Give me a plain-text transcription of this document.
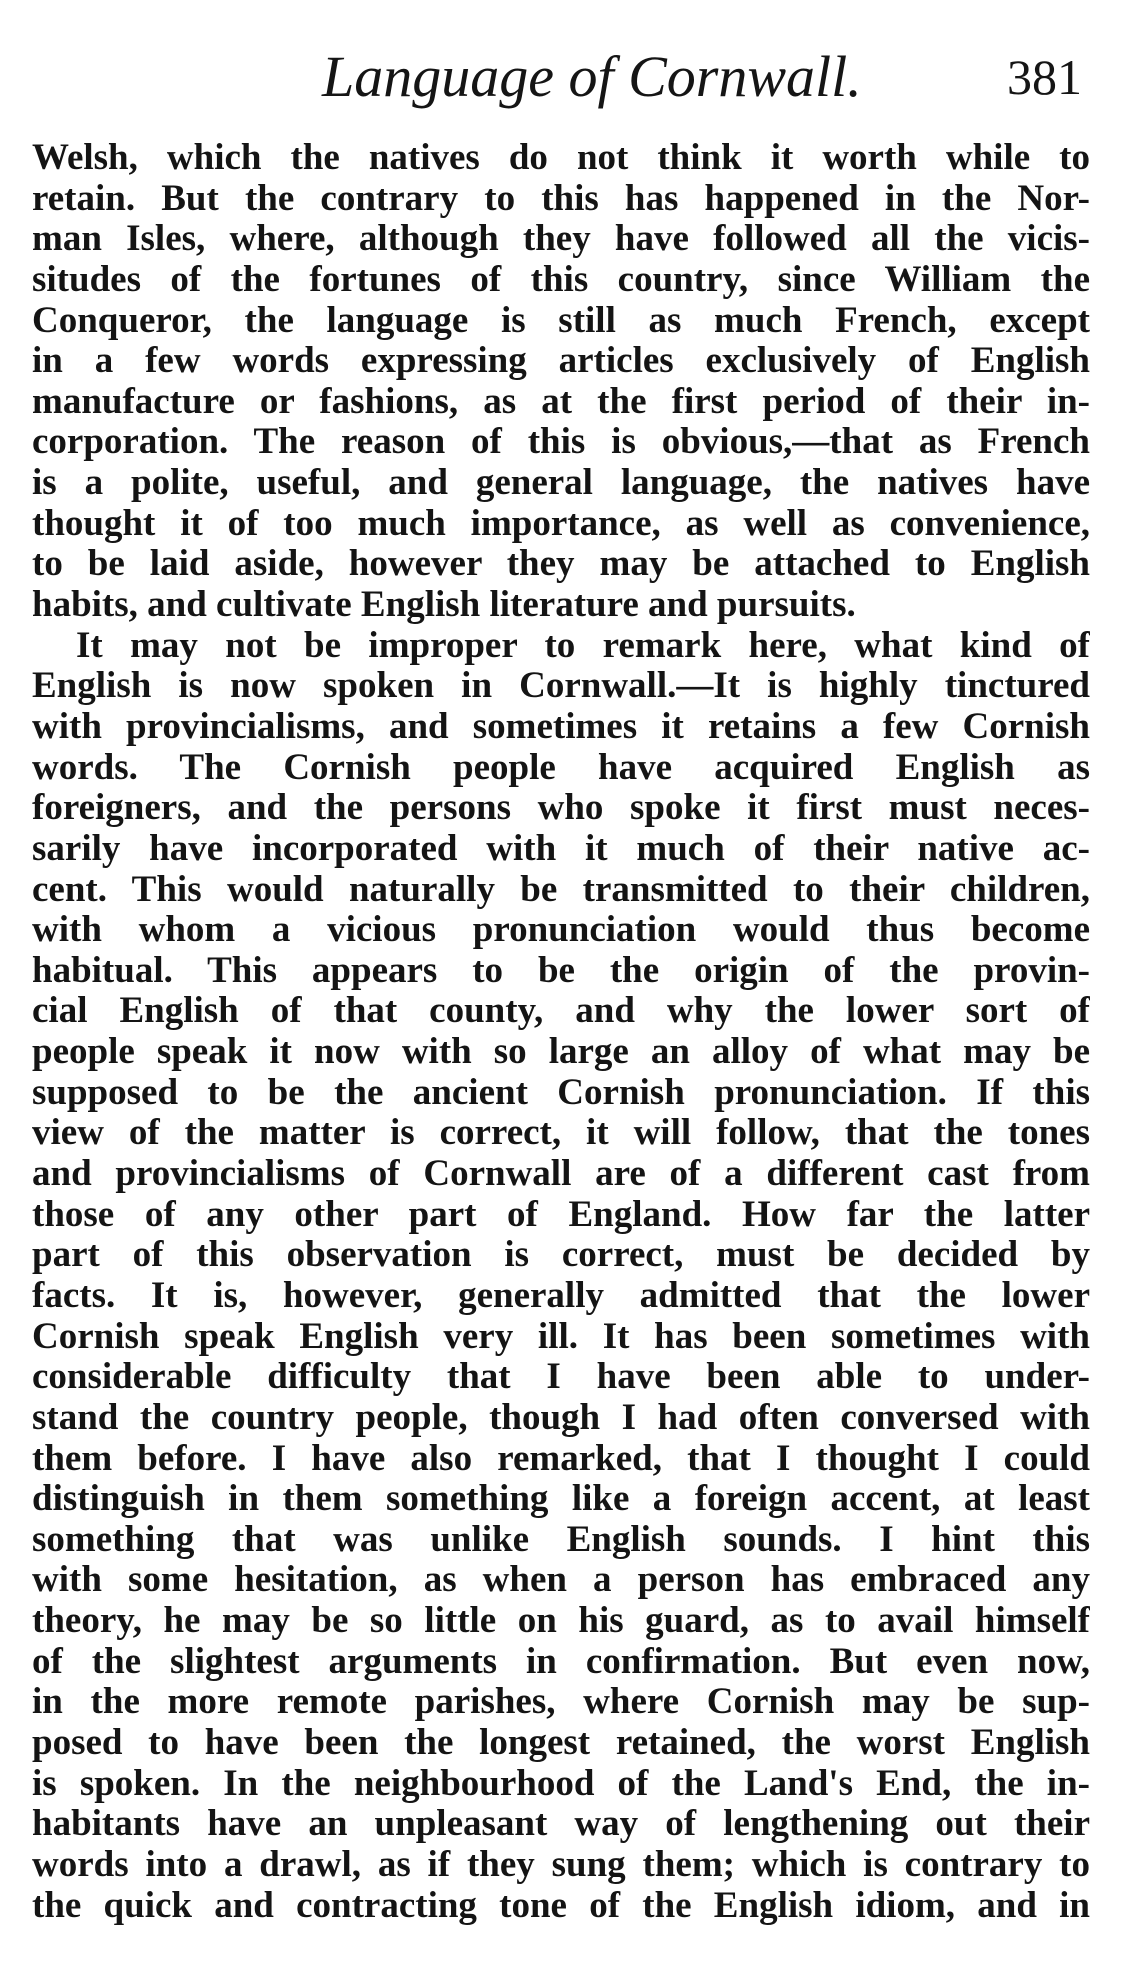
Language of Cornwall.	381
Welsh, which the natives do not think it worth while to
retain. But the contrary to this has happened in the Nor-
man Isles, where, although they have followed all the vicis-
situdes of the fortunes of this country, since William the
Conqueror, the language is still as much French, except
in a few words expressing articles exclusively of English
manufacture or fashions, as at the first period of their in-
corporation. The reason of this is obvious,—that as French
is a polite, useful, and general language, the natives have
thought it of too much importance, as well as convenience,
to be laid aside, however they may be attached to English
habits, and cultivate English literature and pursuits.
It may not be improper to remark here, what kind of
English is now spoken in Cornwall.—It is highly tinctured
with provincialisms, and sometimes it retains a few Cornish
words. The Cornish people have acquired English as
foreigners, and the persons who spoke it first must neces-
sarily have incorporated with it much of their native ac-
cent. This would naturally be transmitted to their children,
with whom a vicious pronunciation would thus become
habitual. This appears to be the origin of the provin-
cial English of that county, and why the lower sort of
people speak it now with so large an alloy of what may be
supposed to be the ancient Cornish pronunciation. If this
view of the matter is correct, it will follow, that the tones
and provincialisms of Cornwall are of a different cast from
those of any other part of England. How far the latter
part of this observation is correct, must be decided by
facts. It is, however, generally admitted that the lower
Cornish speak English very ill. It has been sometimes with
considerable difficulty that I have been able to under-
stand the country people, though I had often conversed with
them before. I have also remarked, that I thought I could
distinguish in them something like a foreign accent, at least
something that was unlike English sounds. I hint this
with some hesitation, as when a person has embraced any
theory, he may be so little on his guard, as to avail himself
of the slightest arguments in confirmation. But even now,
in the more remote parishes, where Cornish may be sup-
posed to have been the longest retained, the worst English
is spoken. In the neighbourhood of the Land's End, the in-
habitants have an unpleasant way of lengthening out their
words into a drawl, as if they sung them; which is contrary to
the quick and contracting tone of the English idiom, and in
